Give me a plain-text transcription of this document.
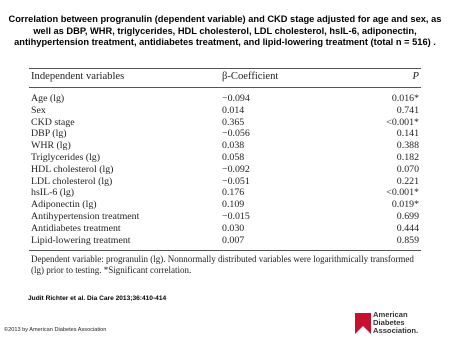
Correlation between progranulin (dependent variable) and CKD stage adjusted for age and sex, as well as DBP, WHR, triglycerides, HDL cholesterol, LDL cholesterol, hsIL-6, adiponectin, antihypertension treatment, antidiabetes treatment, and lipid-lowering treatment (total n = 516) .
Independent variables	β-Coefficient	P
Age (lg)	−0.094	0.016*
Sex	0.014	0.741
CKD stage	0.365	<0.001*
DBP (lg)	−0.056	0.141
WHR (lg)	0.038	0.388
Triglycerides (lg)	0.058	0.182
HDL cholesterol (lg)	−0.092	0.070
LDL cholesterol (lg)	−0.051	0.221
hsIL-6 (lg)	0.176	<0.001*
Adiponectin (lg)	0.109	0.019*
Antihypertension treatment	−0.015	0.699
Antidiabetes treatment	0.030	0.444
Lipid-lowering treatment	0.007	0.859
Dependent variable: progranulin (lg). Nonnormally distributed variables were logarithmically transformed (lg) prior to testing. *Significant correlation.
Judit Richter et al. Dia Care 2013;36:410-414
©2013 by American Diabetes Association
American
Diabetes
Association.
